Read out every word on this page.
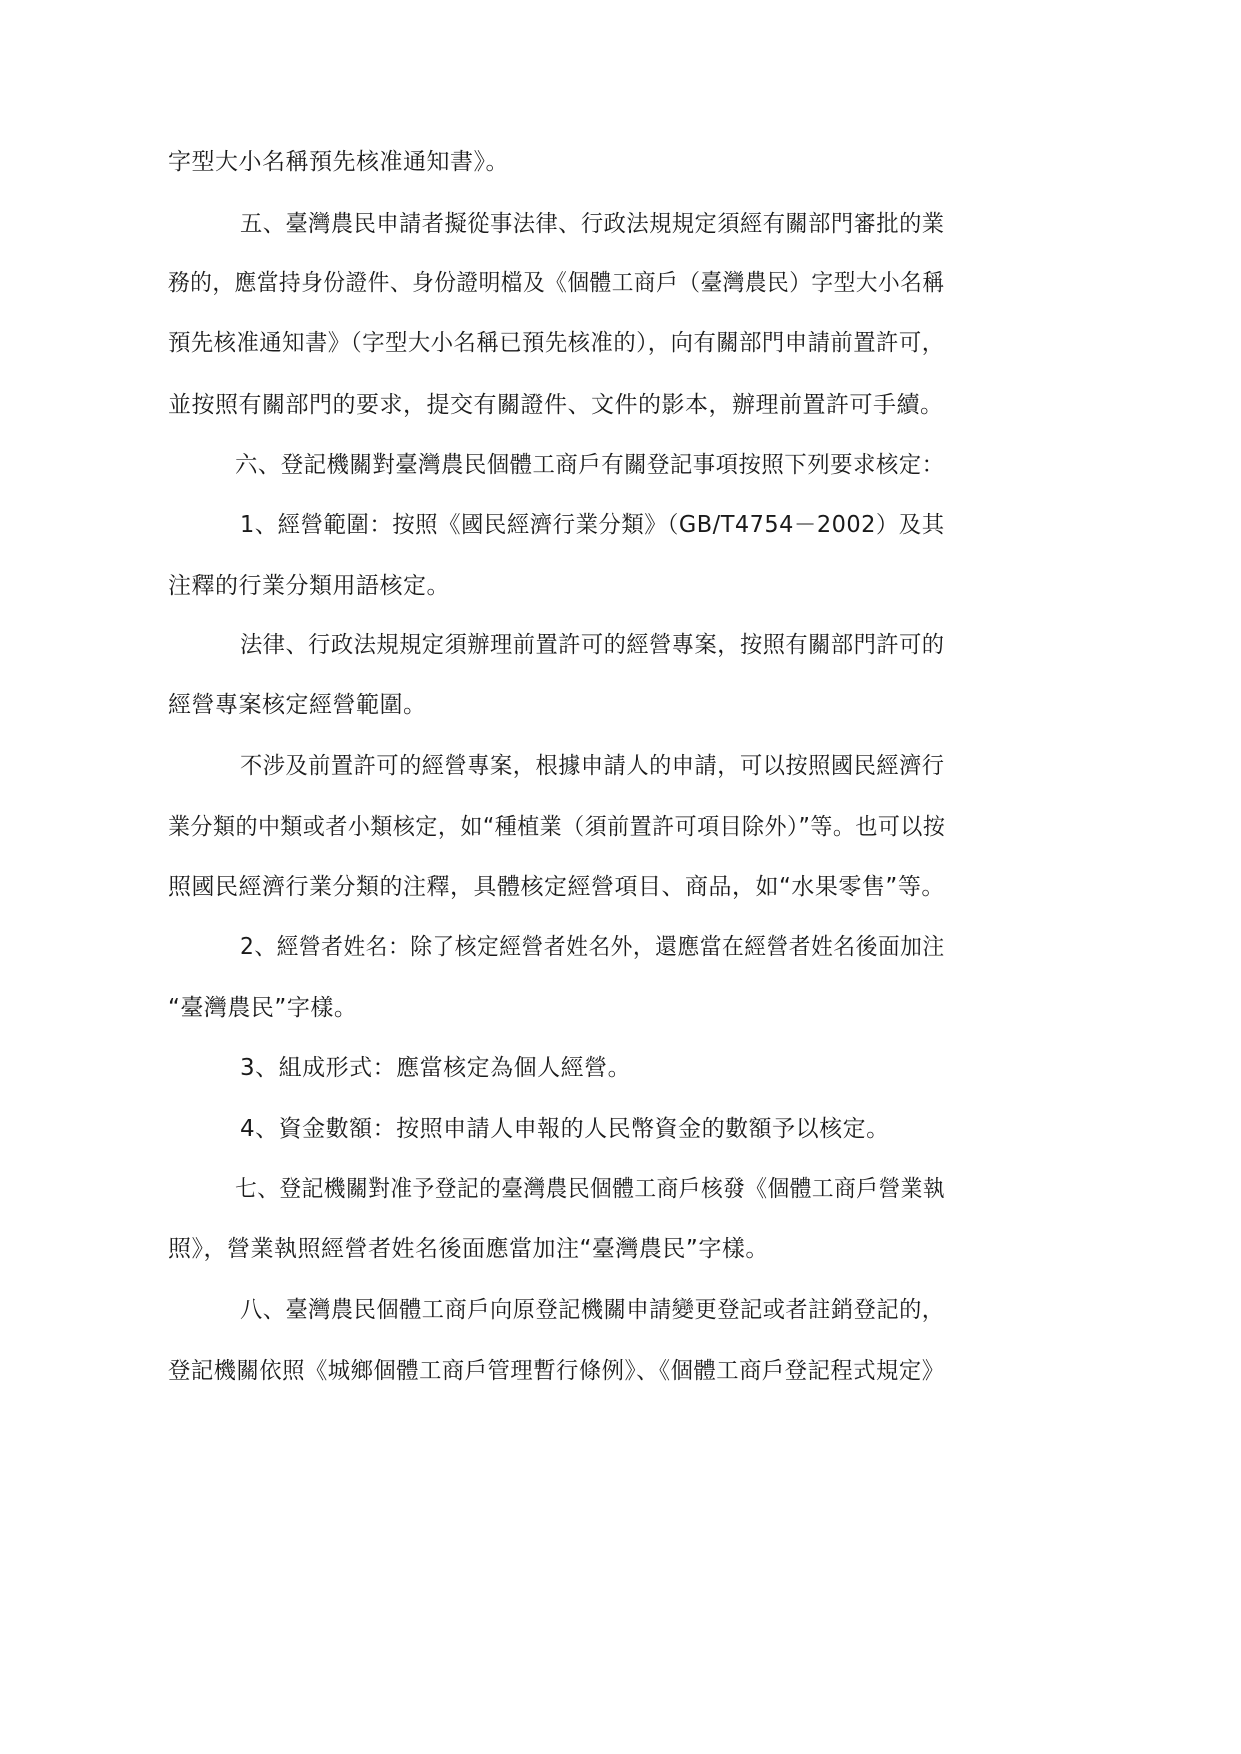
字型大小名稱預先核准通知書》。
五、臺灣農民申請者擬從事法律、行政法規規定須經有關部門審批的業
務的，應當持身份證件、身份證明檔及《個體工商戶（臺灣農民）字型大小名稱
預先核准通知書》（字型大小名稱已預先核准的），向有關部門申請前置許可，
並按照有關部門的要求，提交有關證件、文件的影本，辦理前置許可手續。
六、登記機關對臺灣農民個體工商戶有關登記事項按照下列要求核定：
1、經營範圍：按照《國民經濟行業分類》（GB/T4754－2002）及其
注釋的行業分類用語核定。
法律、行政法規規定須辦理前置許可的經營專案，按照有關部門許可的
經營專案核定經營範圍。
不涉及前置許可的經營專案，根據申請人的申請，可以按照國民經濟行
業分類的中類或者小類核定，如“種植業（須前置許可項目除外）”等。也可以按
照國民經濟行業分類的注釋，具體核定經營項目、商品，如“水果零售”等。
2、經營者姓名：除了核定經營者姓名外，還應當在經營者姓名後面加注
“臺灣農民”字樣。
3、組成形式：應當核定為個人經營。
4、資金數額：按照申請人申報的人民幣資金的數額予以核定。
七、登記機關對准予登記的臺灣農民個體工商戶核發《個體工商戶營業執
照》，營業執照經營者姓名後面應當加注“臺灣農民”字樣。
八、臺灣農民個體工商戶向原登記機關申請變更登記或者註銷登記的，
登記機關依照《城鄉個體工商戶管理暫行條例》、《個體工商戶登記程式規定》
